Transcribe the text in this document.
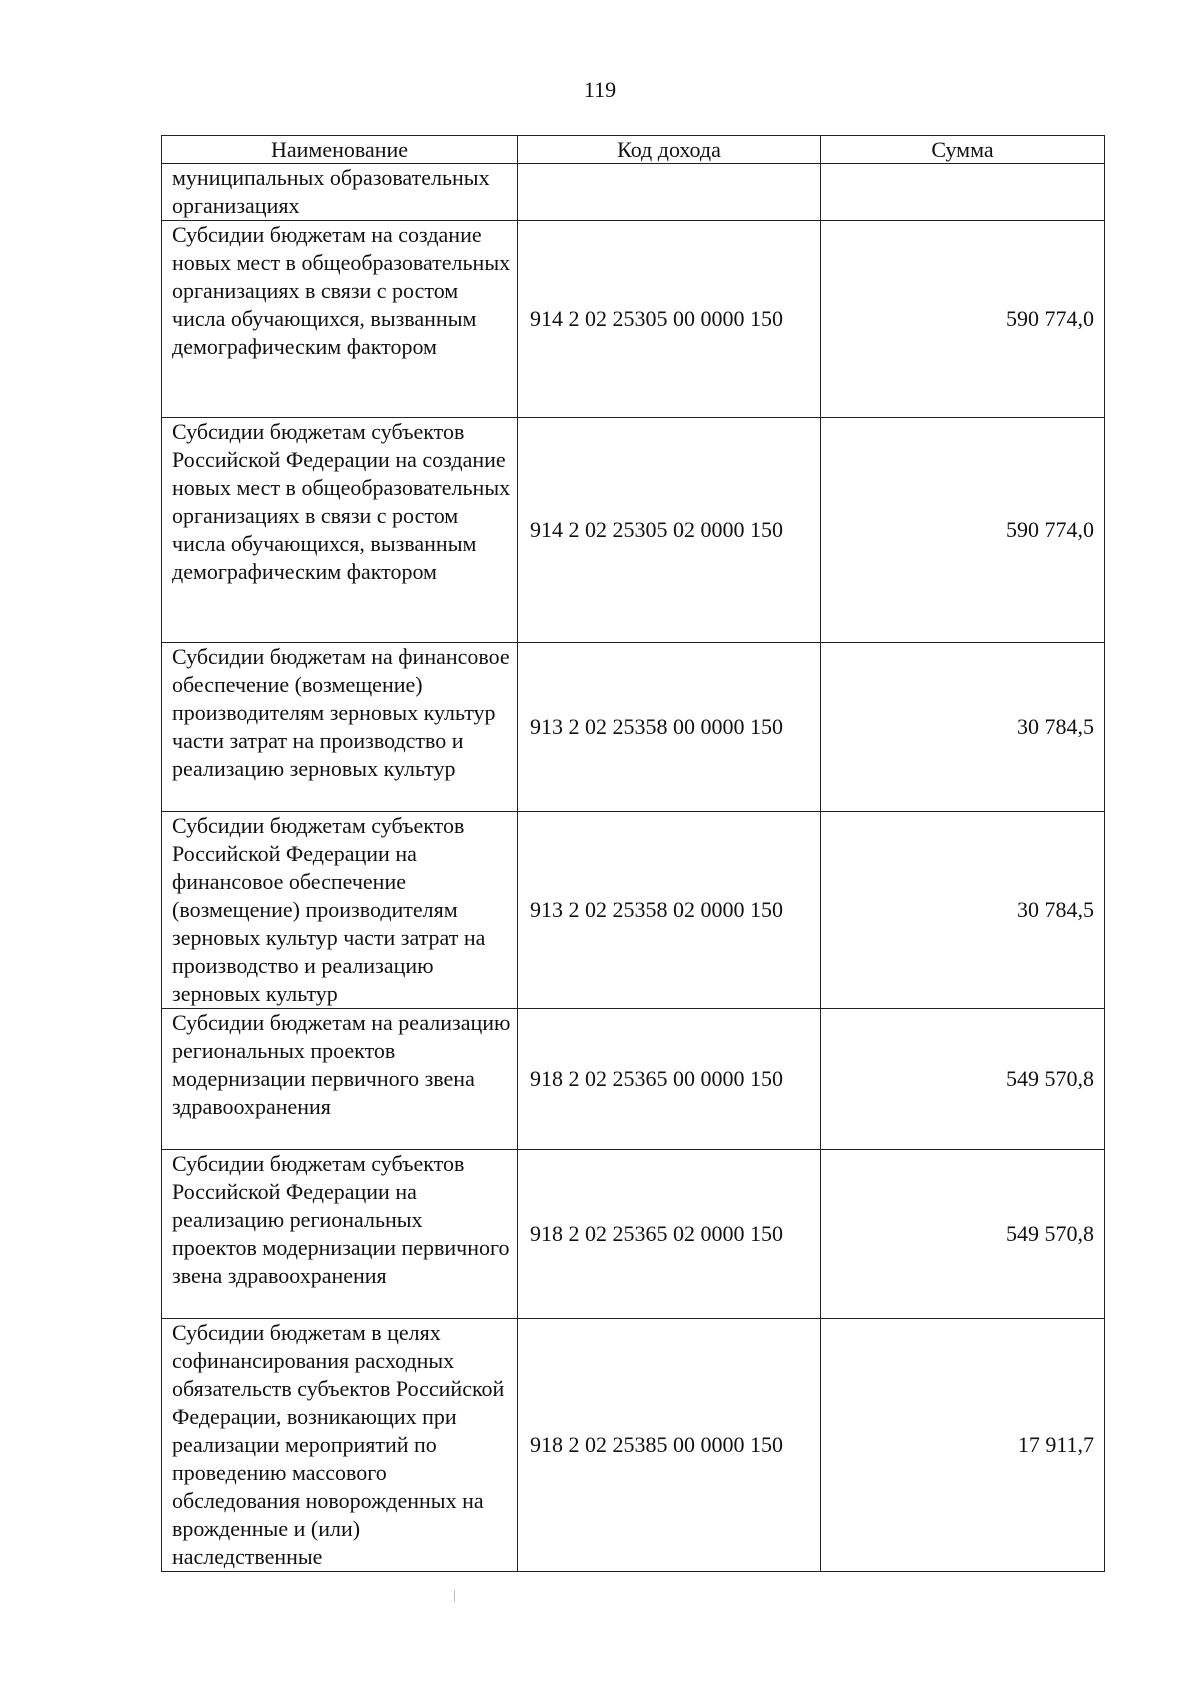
119
Наименование	Код дохода	Сумма
муниципальных образовательных организациях		
Субсидии бюджетам на создание новых мест в общеобразовательных организациях в связи с ростом числа обучающихся, вызванным демографическим фактором	914 2 02 25305 00 0000 150	590 774,0
Субсидии бюджетам субъектов Российской Федерации на создание новых мест в общеобразовательных организациях в связи с ростом числа обучающихся, вызванным демографическим фактором	914 2 02 25305 02 0000 150	590 774,0
Субсидии бюджетам на финансовое обеспечение (возмещение) производителям зерновых культур части затрат на производство и реализацию зерновых культур	913 2 02 25358 00 0000 150	30 784,5
Субсидии бюджетам субъектов Российской Федерации на финансовое обеспечение (возмещение) производителям зерновых культур части затрат на производство и реализацию зерновых культур	913 2 02 25358 02 0000 150	30 784,5
Субсидии бюджетам на реализацию региональных проектов модернизации первичного звена здравоохранения	918 2 02 25365 00 0000 150	549 570,8
Субсидии бюджетам субъектов Российской Федерации на реализацию региональных проектов модернизации первичного звена здравоохранения	918 2 02 25365 02 0000 150	549 570,8
Субсидии бюджетам в целях софинансирования расходных обязательств субъектов Российской Федерации, возникающих при реализации мероприятий по проведению массового обследования новорожденных на врожденные и (или) наследственные	918 2 02 25385 00 0000 150	17 911,7
